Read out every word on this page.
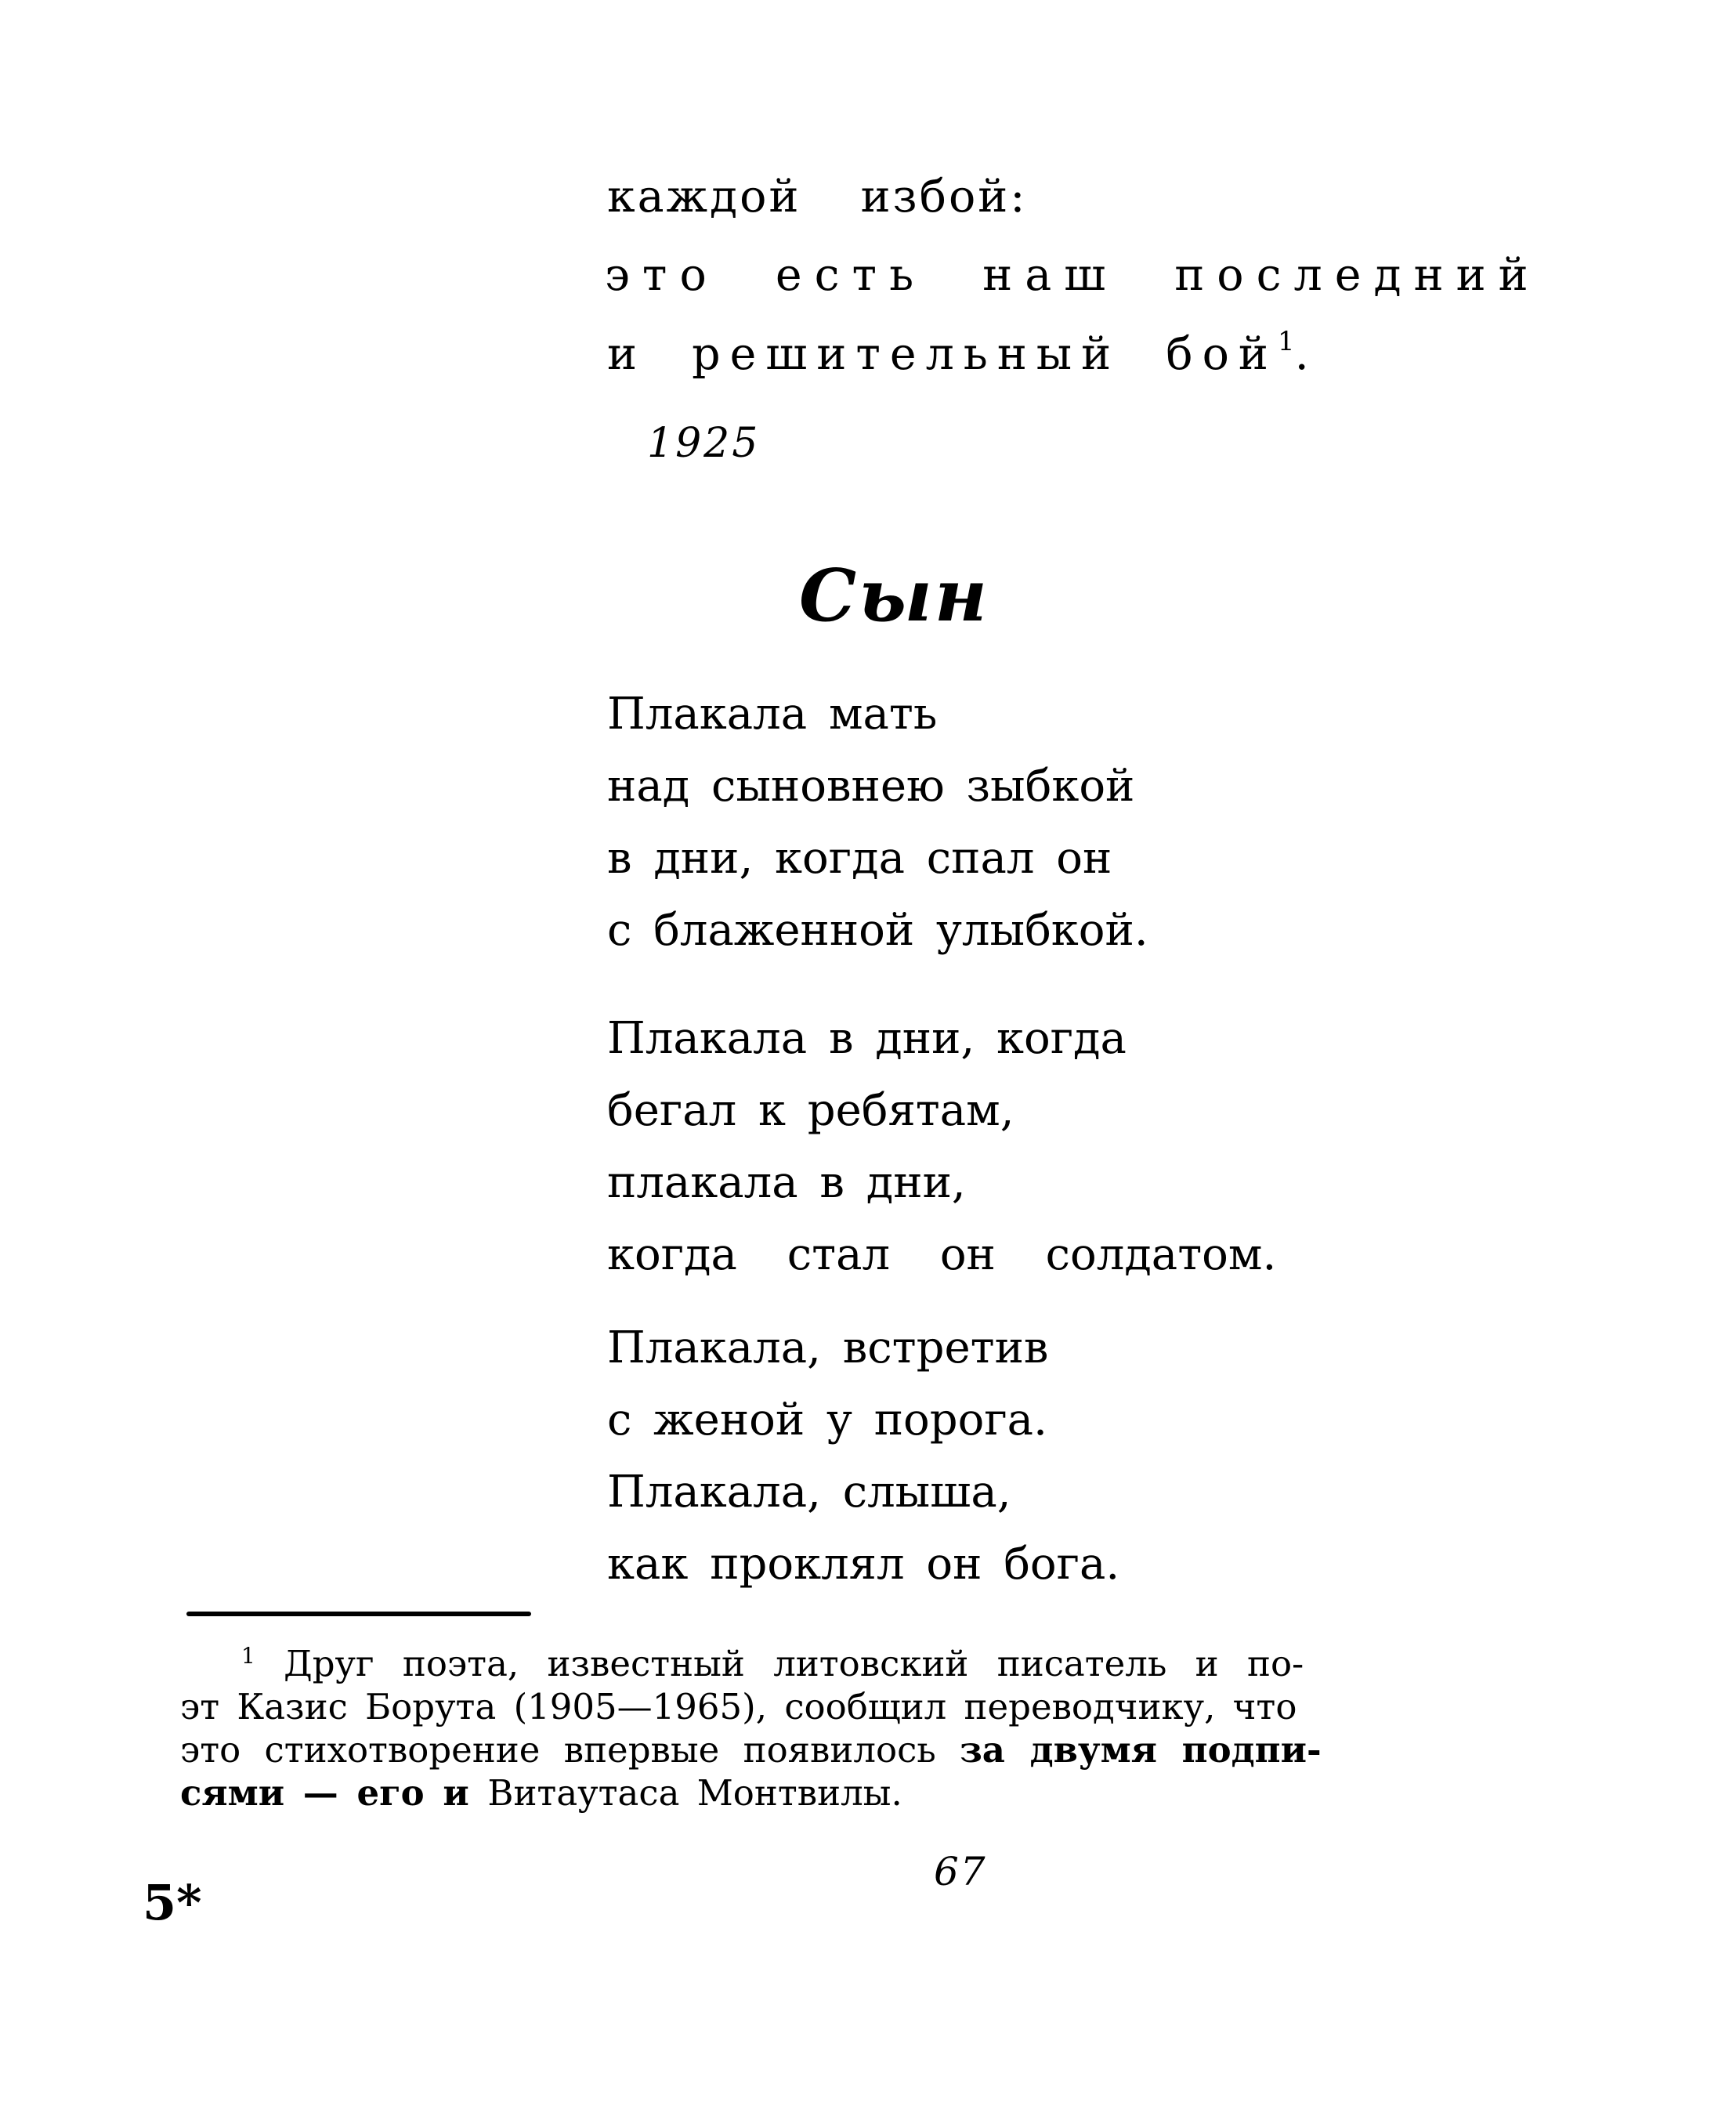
каждой избой:
это есть наш последний
и решительный бой$^1$.
1925
Сын
Плакала мать
над сыновнею зыбкой
в дни, когда спал он
с блаженной улыбкой.
Плакала в дни, когда
бегал к ребятам,
плакала в дни,
когда стал он солдатом.
Плакала, встретив
с женой у порога.
Плакала, слыша,
как проклял он бога.
$^1$ Друг поэта, известный литовский писатель и по-
эт Казис Борута (1905—1965), сообщил переводчику, что
это стихотворение впервые появилось за двумя подпи-
сями — его и Витаутаса Монтвилы.
67
5*
